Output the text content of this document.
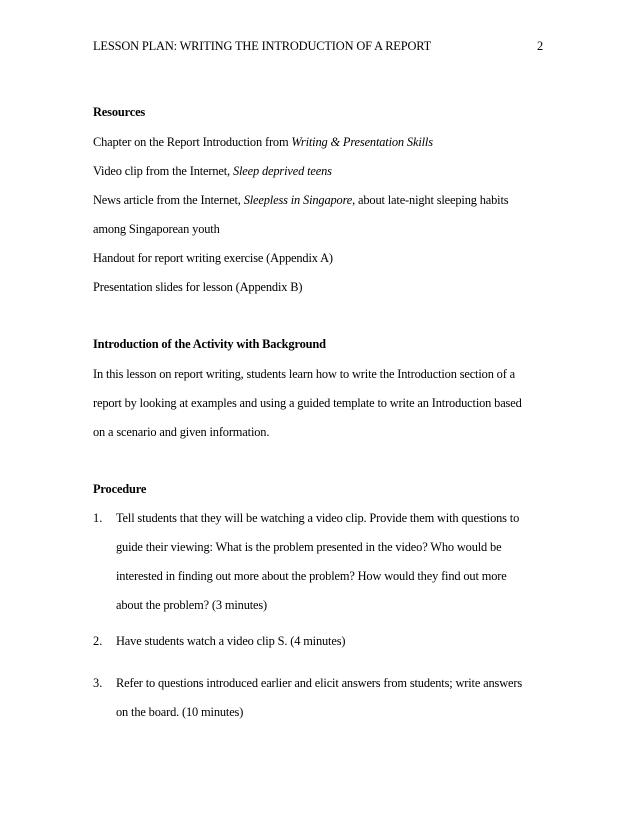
LESSON PLAN: WRITING THE INTRODUCTION OF A REPORT	2
Resources
Chapter on the Report Introduction from Writing & Presentation Skills
Video clip from the Internet, Sleep deprived teens
News article from the Internet, Sleepless in Singapore, about late-night sleeping habits
among Singaporean youth
Handout for report writing exercise (Appendix A)
Presentation slides for lesson (Appendix B)
Introduction of the Activity with Background
In this lesson on report writing, students learn how to write the Introduction section of a
report by looking at examples and using a guided template to write an Introduction based
on a scenario and given information.
Procedure
1. Tell students that they will be watching a video clip. Provide them with questions to
guide their viewing: What is the problem presented in the video? Who would be
interested in finding out more about the problem? How would they find out more
about the problem? (3 minutes)
2. Have students watch a video clip S. (4 minutes)
3. Refer to questions introduced earlier and elicit answers from students; write answers
on the board. (10 minutes)
